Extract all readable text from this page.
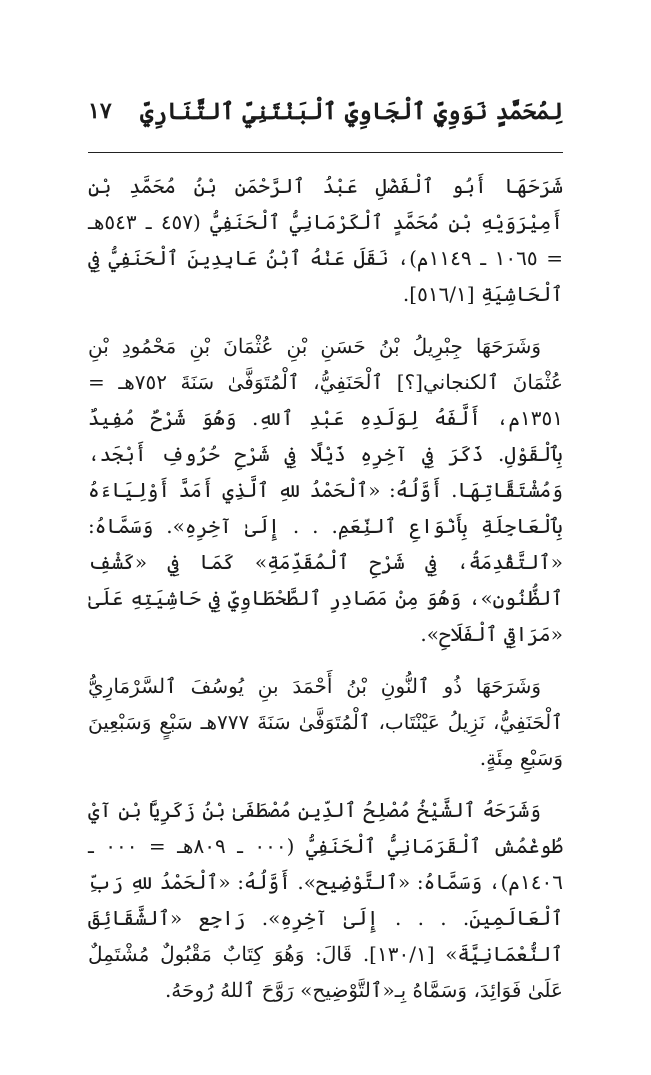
لِمُحَمَّدٍ نَوَوِيٍّ ٱلْجَاوِيِّ ٱلْبَنْتَنِيِّ ٱلتَّنَارِيِّ
١٧

شَرَحَهَا أَبُو ٱلْفَضْلِ عَبْدُ ٱلرَّحْمَنِ بْنُ مُحَمَّدِ بْنِ أَمِيْرَوَيْهِ بْنِ مُحَمَّدٍ ٱلْكَرْمَانِيُّ ٱلْحَنَفِيُّ (٤٥٧ ـ ٥٤٣هـ = ١٠٦٥ ـ ١١٤٩م)، نَقَلَ عَنْهُ ٱبْنُ عَابِدِينَ ٱلْحَنَفِيُّ فِي ٱلْحَاشِيَةِ [٥١٦/١].

وَشَرَحَهَا جِبْرِيلُ بْنُ حَسَنِ بْنِ عُثْمَانَ بْنِ مَحْمُودِ بْنِ عُثْمَانَ ٱلكنجاني[؟] ٱلْحَنَفِيُّ، ٱلْمُتَوَفَّىٰ سَنَةَ ٧٥٢هـ = ١٣٥١م، أَلَّفَهُ لِوَلَدِهِ عَبْدِ ٱللهِ. وَهُوَ شَرْحٌ مُفِيدٌ بِٱلْقَوْلِ. ذَكَرَ فِي آخِرِهِ ذَيْلًا فِي شَرْحِ حُرُوفِ أَبْجَد، وَمُشْتَقَّاتِهَا. أَوَّلُهُ: «ٱلْحَمْدُ للهِ ٱلَّذِي أَمَدَّ أَوْلِيَاءَهُ بِٱلْعَاجِلَةِ بِأَنْوَاعِ ٱلنِّعَمِ. . . إِلَىٰ آخِرِهِ». وَسَمَّاهُ: «ٱلتَّقْدِمَةُ، فِي شَرْحِ ٱلْمُقَدِّمَةِ» كَمَا فِي «كَشْفِ ٱلظُّنُونِ»، وَهُوَ مِنْ مَصَادِرِ ٱلطَّحْطَاوِيِّ فِي حَاشِيَتِهِ عَلَىٰ «مَرَاقِي ٱلْفَلَاحِ».

وَشَرَحَهَا ذُو ٱلنُّونِ بْنُ أَحْمَدَ بنِ يُوسُفَ ٱلسَّرْمَارِيُّ ٱلْحَنَفِيُّ، نَزِيلُ عَيْنْتَاب، ٱلْمُتَوَفَّىٰ سَنَةَ ٧٧٧هـ سَبْعٍ وَسَبْعِينَ وَسَبْعِ مِئَةٍ.

وَشَرَحَهُ ٱلشَّيْخُ مُصْلِحُ ٱلدِّينِ مُصْطَفَىٰ بْنُ زَكَرِيَّا بْنِ آيْ طُوغْمُش ٱلْقَرَمَانِيُّ ٱلْحَنَفِيُّ (٠٠٠ ـ ٨٠٩هـ = ٠٠٠ ـ ١٤٠٦م)، وَسَمَّاهُ: «ٱلتَّوْضِيح». أَوَّلُهُ: «ٱلْحَمْدُ للهِ رَبِّ ٱلْعَالَمِينَ. . . . إِلَىٰ آخِرِهِ». رَاجِع «ٱلشَّقَائِقَ ٱلنُّعْمَانِيَّةَ» [١٣٠/١]. قَالَ: وَهُوَ كِتَابٌ مَقْبُولٌ مُشْتَمِلٌ عَلَىٰ فَوَائِدَ، وَسَمَّاهُ بِـ«ٱلتَّوْضِيح» رَوَّحَ ٱللهُ رُوحَهُ.
